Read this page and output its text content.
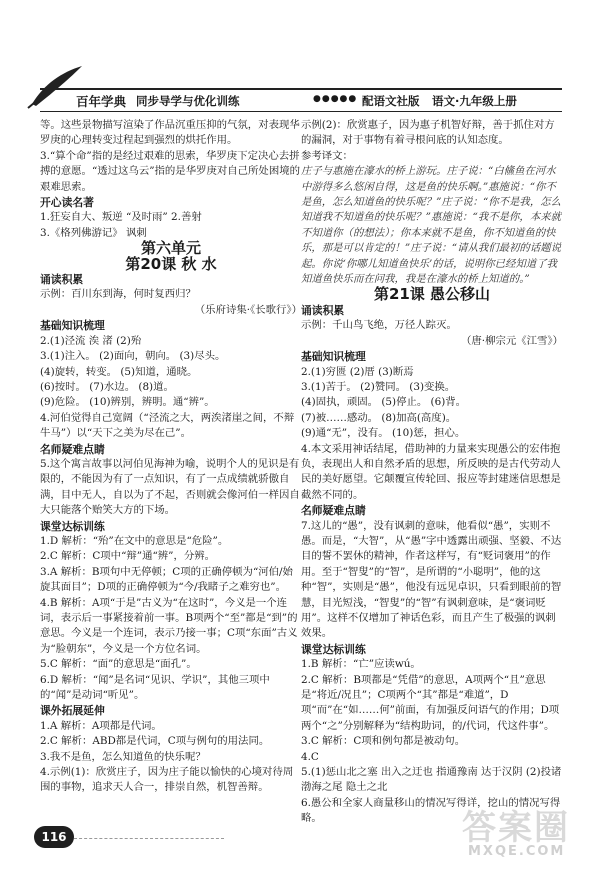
百年学典 同步导学与优化训练	●●●●● 配语文社版 语文·九年级上册

等。这些景物描写渲染了作品沉重压抑的气氛，对表现华罗庚的心理转变过程起到强烈的烘托作用。

3.“算个命”指的是经过艰难的思索，华罗庚下定决心去拼搏的意愿。“透过这乌云”指的是华罗庚对自己所处困境的艰难思索。

开心读名著

1.狂妄自大、叛逆 “及时雨” 2.善射

3.《格列佛游记》 讽刺

第六单元

第20课 秋 水

诵读积累

示例：百川东到海，何时复西归？

（乐府诗集·《长歌行》）

基础知识梳理

2.(1)泾流 涘 渚 (2)殆

3.(1)注入。 (2)面向，朝向。 (3)尽头。

(4)旋转，转变。 (5)知道，通晓。

(6)按时。 (7)水边。 (8)道。

(9)危险。 (10)辨别，辨明。通“辨”。

4.河伯觉得自己宽阔（“泾流之大，两涘渚崖之间，不辩牛马”）以“天下之美为尽在己”。

名师疑难点睛

5.这个寓言故事以河伯见海神为喻，说明个人的见识是有限的，不能因为有了一点知识，有了一点成绩就骄傲自满，目中无人，自以为了不起，否则就会像河伯一样因自大只能落个贻笑大方的下场。

课堂达标训练

1.D 解析：“殆”在文中的意思是“危险”。

2.C 解析：C项中“辩”通“辨”，分辨。

3.A 解析：B项句中无停顿；C项的正确停顿为“河伯/始旋其面目”；D项的正确停顿为“今/我睹子之难穷也”。

4.B 解析：A项“于是”古义为“在这时”，今义是一个连词，表示后一事紧接着前一事。B项两个“至”都是“到”的意思。今义是一个连词，表示乃接一事；C项“东面”古义为“脸朝东”，今义是一个方位名词。

5.C 解析：“面”的意思是“面孔”。

6.D 解析：“闻”是名词“见识、学识”，其他三项中的“闻”是动词“听见”。

课外拓展延伸

1.A 解析：A项都是代词。

2.C 解析：ABD都是代词，C项与例句的用法同。

3.我不是鱼，怎么知道鱼的快乐呢？

4.示例(1)：欣赏庄子，因为庄子能以愉快的心境对待周围的事物，追求天人合一，排崇自然，机智善辩。

示例(2)：欣赏惠子，因为惠子机智好辩，善于抓住对方的漏洞，对于事物有着寻根问底的认知态度。

参考译文：

庄子与惠施在濠水的桥上游玩。庄子说：“白鯈鱼在河水中游得多么悠闲自得，这是鱼的快乐啊。”惠施说：“你不是鱼，怎么知道鱼的快乐呢？”庄子说：“你不是我，怎么知道我不知道鱼的快乐呢？”惠施说：“我不是你，本来就不知道你（的想法）；你本来就不是鱼，你不知道鱼的快乐，那是可以肯定的！”庄子说：“请从我们最初的话题说起。你说‘你哪儿知道鱼快乐’的话，说明你已经知道了我知道鱼快乐而在问我，我是在濠水的桥上知道的。”

第21课 愚公移山

诵读积累

示例：千山鸟飞绝，万径人踪灭。

（唐·柳宗元《江雪》）

基础知识梳理

2.(1)穷匮 (2)厝 (3)断焉

3.(1)苦于。 (2)赞同。 (3)变换。

(4)固执，顽固。 (5)停止。 (6)背。

(7)被……感动。 (8)加高(高度)。

(9)通“无”，没有。 (10)惩，担心。

4.本文采用神话结尾，借助神的力量来实现愚公的宏伟抱负，表现出人和自然矛盾的思想，所反映的是古代劳动人民的美好愿望。它颠覆宣传轮回、报应等封建迷信思想是截然不同的。

名师疑难点睛

7.这儿的“愚”，没有讽刺的意味，他看似“愚”，实则不愚。而是，“大智”，从“愚”字中透露出顽强、坚毅、不达目的誓不罢休的精神，作者这样写，有“贬词褒用”的作用。至于“智叟”的“智”，是所谓的“小聪明”，他的这种“智”，实则是“愚”，他没有远见卓识，只看到眼前的智慧，目光短浅，“智叟”的“智”有讽刺意味，是“褒词贬用”。这样不仅增加了神话色彩，而且产生了极强的讽刺效果。

课堂达标训练

1.B 解析：“亡”应读wú。

2.C 解析：B项都是“凭借”的意思，A项两个“且”意思是“将近/况且”；C项两个“其”都是“难道”，D项“而”在“如……何”前面，有加强反问语气的作用；D项两个“之”分别解释为“结构助词，的/代词，代这件事”。

3.C 解析：C项和例句都是被动句。

4.C

5.(1)惩山北之塞 出入之迂也 指通豫南 达于汉阴 (2)投诸渤海之尾 隐土之北

6.愚公和全家人商量移山的情况写得详，挖山的情况写得略。

116	答案圈
MXQE.COM
